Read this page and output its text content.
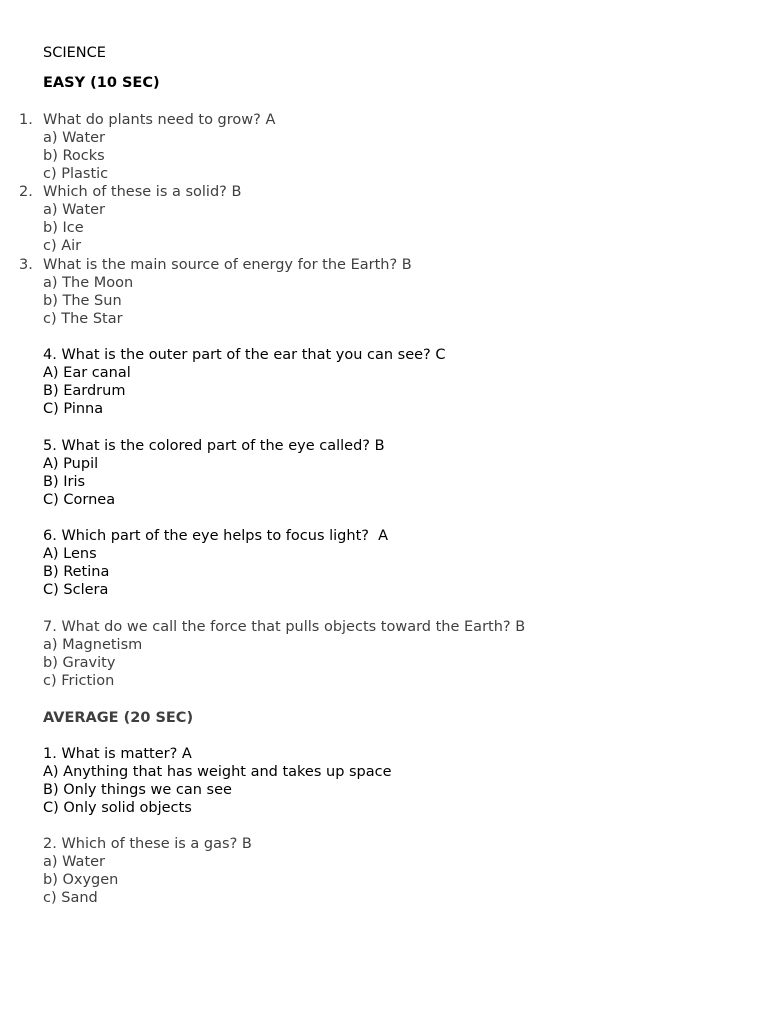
SCIENCE
EASY (10 SEC)
1. What do plants need to grow? A
a) Water
b) Rocks
c) Plastic
2. Which of these is a solid? B
a) Water
b) Ice
c) Air
3. What is the main source of energy for the Earth? B
a) The Moon
b) The Sun
c) The Star
4. What is the outer part of the ear that you can see? C
A) Ear canal
B) Eardrum
C) Pinna
5. What is the colored part of the eye called? B
A) Pupil
B) Iris
C) Cornea
6. Which part of the eye helps to focus light?  A
A) Lens
B) Retina
C) Sclera
7. What do we call the force that pulls objects toward the Earth? B
a) Magnetism
b) Gravity
c) Friction
AVERAGE (20 SEC)
1. What is matter? A
A) Anything that has weight and takes up space
B) Only things we can see
C) Only solid objects
2. Which of these is a gas? B
a) Water
b) Oxygen
c) Sand
